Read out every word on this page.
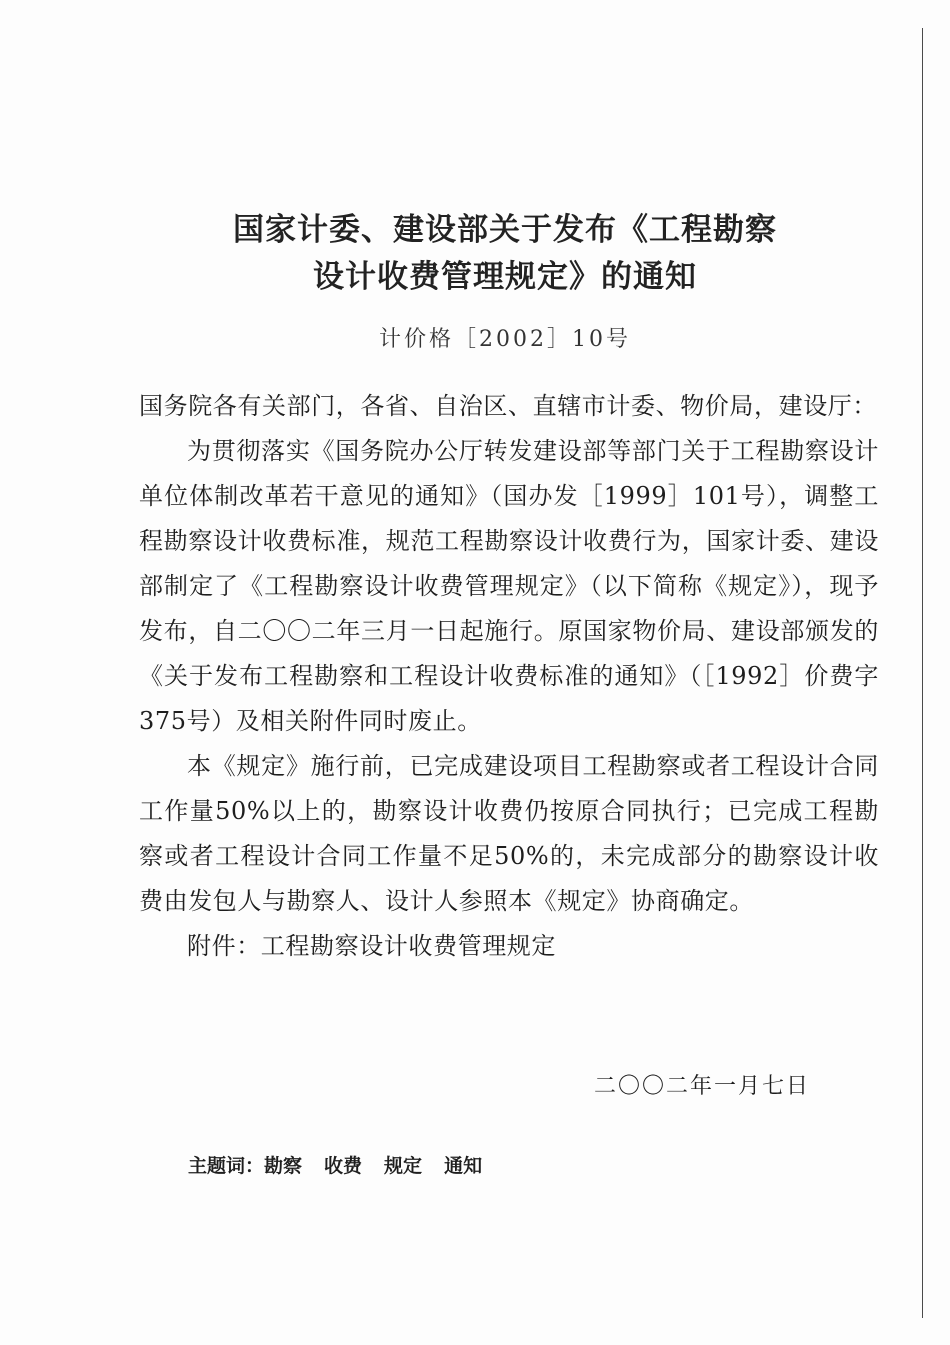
国家计委、建设部关于发布《工程勘察
设计收费管理规定》的通知
计价格［2002］10号

国务院各有关部门，各省、自治区、直辖市计委、物价局，建设厅：

为贯彻落实《国务院办公厅转发建设部等部门关于工程勘察设计单位体制改革若干意见的通知》（国办发［1999］101号），调整工程勘察设计收费标准，规范工程勘察设计收费行为，国家计委、建设部制定了《工程勘察设计收费管理规定》（以下简称《规定》），现予发布，自二〇〇二年三月一日起施行。原国家物价局、建设部颁发的《关于发布工程勘察和工程设计收费标准的通知》（［1992］价费字375号）及相关附件同时废止。

本《规定》施行前，已完成建设项目工程勘察或者工程设计合同工作量50%以上的，勘察设计收费仍按原合同执行；已完成工程勘察或者工程设计合同工作量不足50%的，未完成部分的勘察设计收费由发包人与勘察人、设计人参照本《规定》协商确定。

附件：工程勘察设计收费管理规定

二〇〇二年一月七日
主题词：勘察 收费 规定 通知
